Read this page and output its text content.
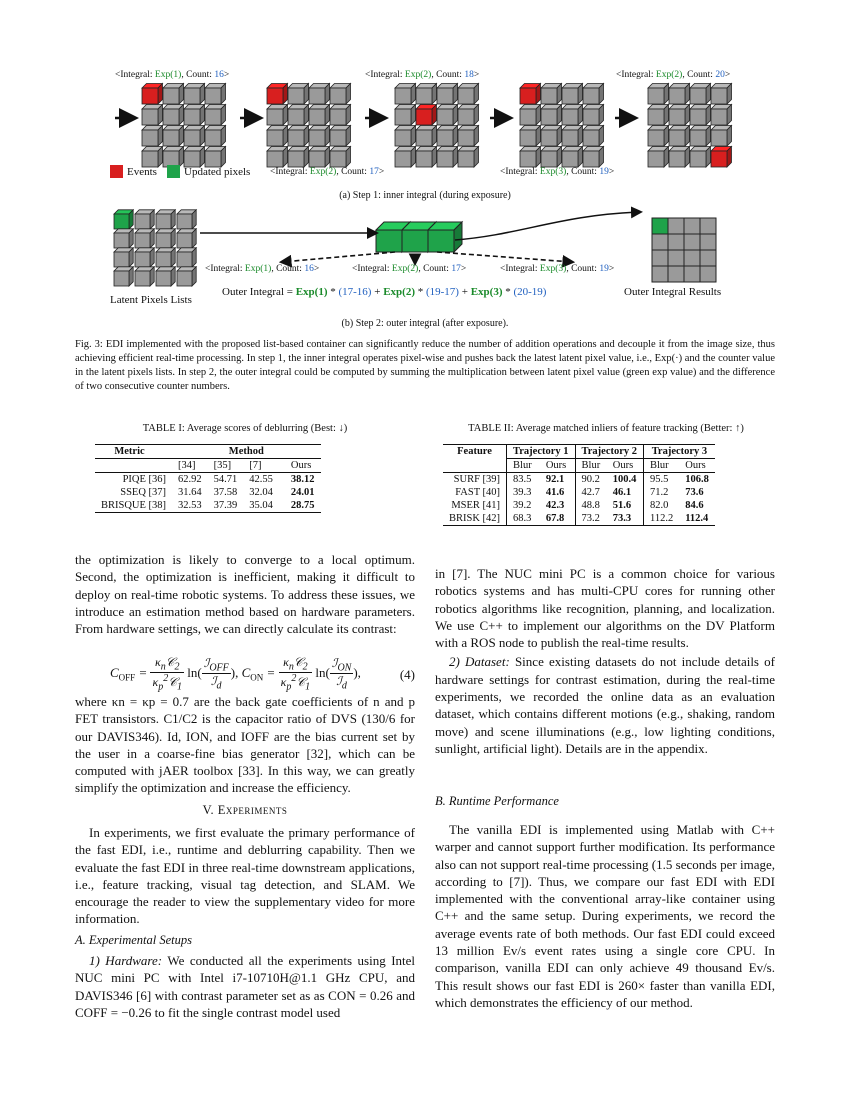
<Integral: Exp(1), Count: 16>	<Integral: Exp(2), Count: 18>	<Integral: Exp(2), Count: 20>
<Integral: Exp(2), Count: 17>	<Integral: Exp(3), Count: 19>
Events Updated pixels
(a) Step 1: inner integral (during exposure)
<Integral: Exp(1), Count: 16>	<Integral: Exp(2), Count: 17>	<Integral: Exp(3), Count: 19>
Latent Pixels Lists
Outer Integral = Exp(1) * (17-16) + Exp(2) * (19-17) + Exp(3) * (20-19)	Outer Integral Results
(b) Step 2: outer integral (after exposure).
Fig. 3: EDI implemented with the proposed list-based container can significantly reduce the number of addition operations and decouple it from the image size, thus achieving efficient real-time processing. In step 1, the inner integral operates pixel-wise and pushes back the latest latent pixel value, i.e., Exp(·) and the counter value in the latent pixels lists. In step 2, the outer integral could be computed by summing the multiplication between latent pixel value (green exp value) and the difference of two consecutive counter numbers.
TABLE I: Average scores of deblurring (Best: ↓)
Metric	Method			
	[34]	[35]	[7]	Ours
PIQE [36]	62.92	54.71	42.55	38.12
SSEQ [37]	31.64	37.58	32.04	24.01
BRISQUE [38]	32.53	37.39	35.04	28.75
TABLE II: Average matched inliers of feature tracking (Better: ↑)
Feature	Trajectory 1		Trajectory 2		Trajectory 3	
	Blur	Ours	Blur	Ours	Blur	Ours
SURF [39]	83.5	92.1	90.2	100.4	95.5	106.8
FAST [40]	39.3	41.6	42.7	46.1	71.2	73.6
MSER [41]	39.2	42.3	48.8	51.6	82.0	84.6
BRISK [42]	68.3	67.8	73.2	73.3	112.2	112.4

the optimization is likely to converge to a local optimum. Second, the optimization is inefficient, making it difficult to deploy on real-time robotic systems. To address these issues, we introduce an estimation method based on hardware parameters. From hardware settings, we can directly calculate its contrast:

$C_{OFF} = \frac{\kappa_n𝒞_2}{\kappa_p^2𝒞_1} \ln( \frac{ℐ_{OFF}}{ℐ_d}$ ), $C_{ON} = \frac{\kappa_n𝒞_2}{\kappa_p^2𝒞_1} \ln( \frac{ℐ_{ON}}{ℐ_d}$ ),	(4)

where κn = κp = 0.7 are the back gate coefficients of n and p FET transistors. C1/C2 is the capacitor ratio of DVS (130/6 for our DAVIS346). Id, ION, and IOFF are the bias current set by the user in a coarse-fine bias generator [32], which can be computed with jAER toolbox [33]. In this way, we can greatly simplify the optimization and increase the efficiency.

V. Experiments

In experiments, we first evaluate the primary performance of the fast EDI, i.e., runtime and deblurring capability. Then we evaluate the fast EDI in three real-time downstream applications, i.e., feature tracking, visual tag detection, and SLAM. We encourage the reader to view the supplementary video for more information.

A. Experimental Setups

1) Hardware: We conducted all the experiments using Intel NUC mini PC with Intel i7-10710H@1.1 GHz CPU, and DAVIS346 [6] with contrast parameter set as as CON = 0.26 and COFF = −0.26 to fit the single contrast model used

in [7]. The NUC mini PC is a common choice for various robotics systems and has multi-CPU cores for running other robotics algorithms like recognition, planning, and localization. We use C++ to implement our algorithms on the DV Platform with a ROS node to publish the real-time results.

2) Dataset: Since existing datasets do not include details of hardware settings for contrast estimation, during the real-time experiments, we recorded the online data as an evaluation dataset, which contains different motions (e.g., shaking, random move) and scene illuminations (e.g., low lighting conditions, sunlight, artificial light). Details are in the appendix.

B. Runtime Performance

The vanilla EDI is implemented using Matlab with C++ warper and cannot support further modification. Its performance also can not support real-time processing (1.5 seconds per image, according to [7]). Thus, we compare our fast EDI with EDI implemented with the conventional array-like container using C++ and the same setup. During experiments, we record the average events rate of both methods. Our fast EDI could exceed 13 million Ev/s event rates using a single core CPU. In comparison, vanilla EDI can only achieve 49 thousand Ev/s. This result shows our fast EDI is 260× faster than vanilla EDI, which demonstrates the efficiency of our method.
